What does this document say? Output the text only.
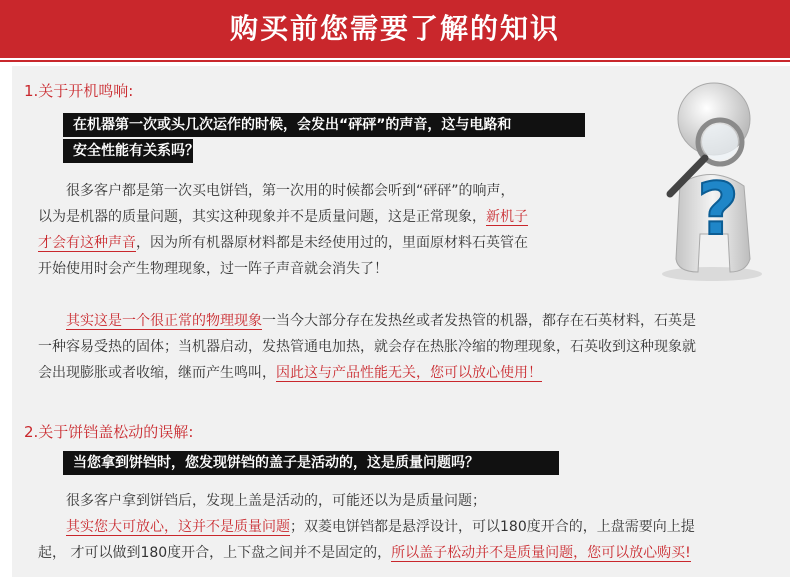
购买前您需要了解的知识
1.关于开机鸣响:
在机器第一次或头几次运作的时候，会发出“砰砰”的声音，这与电路和
安全性能有关系吗？

很多客户都是第一次买电饼铛，第一次用的时候都会听到“砰砰”的响声，

以为是机器的质量问题，其实这种现象并不是质量问题，这是正常现象，新机子

才会有这种声音，因为所有机器原材料都是未经使用过的，里面原材料石英管在

开始使用时会产生物理现象，过一阵子声音就会消失了！

其实这是一个很正常的物理现象一当今大部分存在发热丝或者发热管的机器，都存在石英材料，石英是

一种容易受热的固体；当机器启动，发热管通电加热，就会存在热胀冷缩的物理现象，石英收到这种现象就

会出现膨胀或者收缩，继而产生鸣叫，因此这与产品性能无关，您可以放心使用！

2.关于饼铛盖松动的误解:
当您拿到饼铛时，您发现饼铛的盖子是活动的，这是质量问题吗？

很多客户拿到饼铛后，发现上盖是活动的，可能还以为是质量问题；

其实您大可放心，这并不是质量问题；双菱电饼铛都是悬浮设计，可以180度开合的，上盘需要向上提

起， 才可以做到180度开合，上下盘之间并不是固定的，所以盖子松动并不是质量问题，您可以放心购买!

?
